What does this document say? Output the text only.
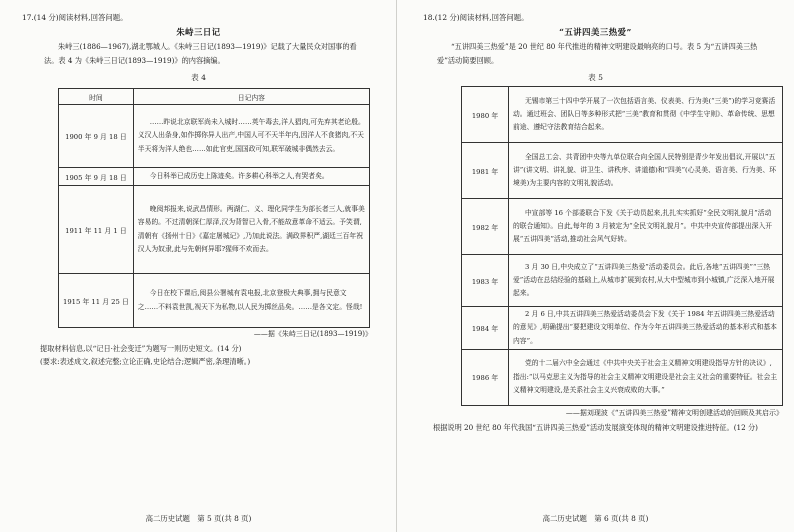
17.(14 分)阅读材料,回答问题。
朱峙三日记
朱峙三(1886—1967),湖北鄂城人。《朱峙三日记(1893—1919)》记载了大量民众对国事的看法。表 4 为《朱峙三日记(1893—1919)》的内容摘编。
表 4
时间	日记内容
1900 年 9 月 18 日	……昨说北京联军尚未入城时……英午毒去,洋人猖肉,可先弃其老论殷。义汉人出条身,如作掷你异人出产,中国人可不天半年内,因洋人不食猪肉,不天半天将为洋人绝也……如此官吏,国国政可知,联军破城非偶然去云。
1905 年 9 月 18 日	今日科举已成历史上陈迹矣。许多耕心科举之人,有哭者矣。
1911 年 11 月 1 日	晚阅邦报来,说武昌情形。两湖仁、义、理化同学生为部长者三人,就事美容易的。不过清朝深仁厚泽,汉为背智已入骨,不能故意革命不适云。予笑谓,清朝有《扬州十日》《嘉定屠城记》,乃加此说法。满政界积严,湖廷三百年祝汉人为奴隶,此与先朝何异耶?猩师不欢而去。
1915 年 11 月 25 日	今日在校下课后,阅县公署城有袁电报,北京登极大典事,拥与民意文之……不料袁世凯,视天下为私物,以人民为掷丝品矣。……是各文定。怪哉!
——据《朱峙三日记(1893—1919)》
提取材料信息,以“记日·社会变迁”为题写一则历史短文。(14 分)
(要求:表述成文,叙述完整;立论正确,史论结合;逻辑严密,条理清晰。)
高二历史试题　第 5 页(共 8 页)
18.(12 分)阅读材料,回答问题。
“五讲四美三热爱”
“五讲四美三热爱”是 20 世纪 80 年代推进的精神文明建设最响亮的口号。表 5 为“五讲四美三热爱”活动简要回顾。
表 5
1980 年	无锡市第三十四中学开展了一次包括语言美、仪表美、行为美(“三美”)的学习竞赛活动。通过班会、团队日等多种形式把“三美”教育和贯彻《中学生守则》、革命传统、思想前途、遵纪守法教育结合起来。
1981 年	全国总工会、共青团中央等九单位联合向全国人民特别是青少年发出倡议,开展以“五讲”(讲文明、讲礼貌、讲卫生、讲秩序、讲道德)和“四美”(心灵美、语言美、行为美、环境美)为主要内容的文明礼貌活动。
1982 年	中宣部等 16 个部委联合下发《关于动员起来,扎扎实实抓好“全民文明礼貌月”活动的联合通知》。自此,每年的 3 月被定为“全民文明礼貌月”。中共中央宣传部提出深入开展“五讲四美”活动,推动社会风气好转。
1983 年	3 月 30 日,中央成立了“五讲四美三热爱”活动委员会。此后,各地“五讲四美”“三热爱”活动在总结经验的基础上,从城市扩展到农村,从大中型城市到小城镇,广泛深入地开展起来。
1984 年	2 月 6 日,中共五讲四美三热爱活动委员会下发《关于 1984 年五讲四美三热爱活动的意见》,明确提出“要把建设文明单位、作为今年五讲四美三热爱活动的基本形式和基本内容”。
1986 年	党的十二届六中全会通过《中共中央关于社会主义精神文明建设指导方针的决议》,指出:“以马克思主义为指导的社会主义精神文明建设是社会主义社会的重要特征。社会主义精神文明建设,是关系社会主义兴衰成败的大事。”
——据刘现波《“五讲四美三热爱”精神文明创建活动的回顾及其启示》
根据说明 20 世纪 80 年代我国“五讲四美三热爱”活动发展演变体现的精神文明建设推进特征。(12 分)
高二历史试题　第 6 页(共 8 页)
